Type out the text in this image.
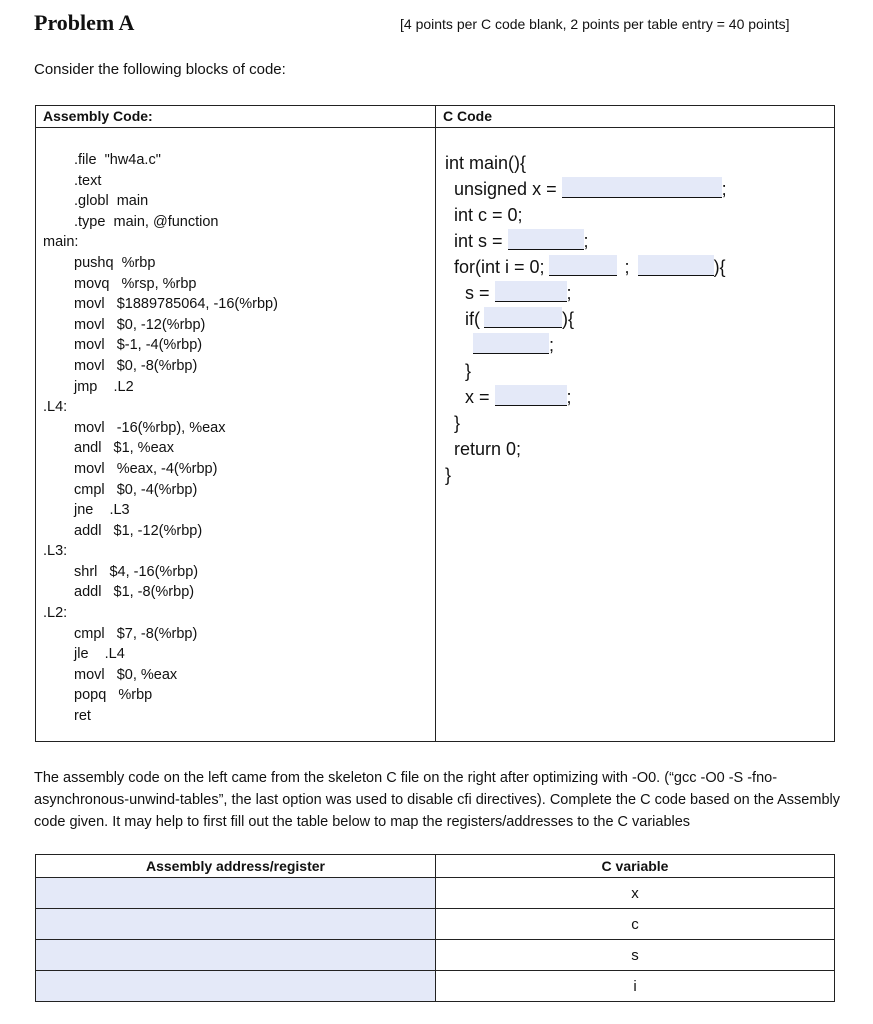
Problem A	[4 points per C code blank, 2 points per table entry = 40 points]
Consider the following blocks of code:
Assembly Code:	C Code
.file  "hw4a.c"
.text
.globl  main
.type  main, @function
main:
pushq  %rbp
movq   %rsp, %rbp
movl   $1889785064, -16(%rbp)
movl   $0, -12(%rbp)
movl   $-1, -4(%rbp)
movl   $0, -8(%rbp)
jmp    .L2
.L4:
movl   -16(%rbp), %eax
andl   $1, %eax
movl   %eax, -4(%rbp)
cmpl   $0, -4(%rbp)
jne    .L3
addl   $1, -12(%rbp)
.L3:
shrl   $4, -16(%rbp)
addl   $1, -8(%rbp)
.L2:
cmpl   $7, -8(%rbp)
jle    .L4
movl   $0, %eax
popq   %rbp
ret
int main(){
unsigned x =	;
int c = 0;
int s =	;
for(int i = 0;	;	){
s =	;
if(	){
;
}
x =	;
}
return 0;
}
The assembly code on the left came from the skeleton C file on the right after optimizing with -O0. (“gcc -O0 -S -fno-asynchronous-unwind-tables”, the last option was used to disable cfi directives). Complete the C code based on the Assembly code given. It may help to first fill out the table below to map the registers/addresses to the C variables
Assembly address/register	C variable
	x
	c
	s
	i
